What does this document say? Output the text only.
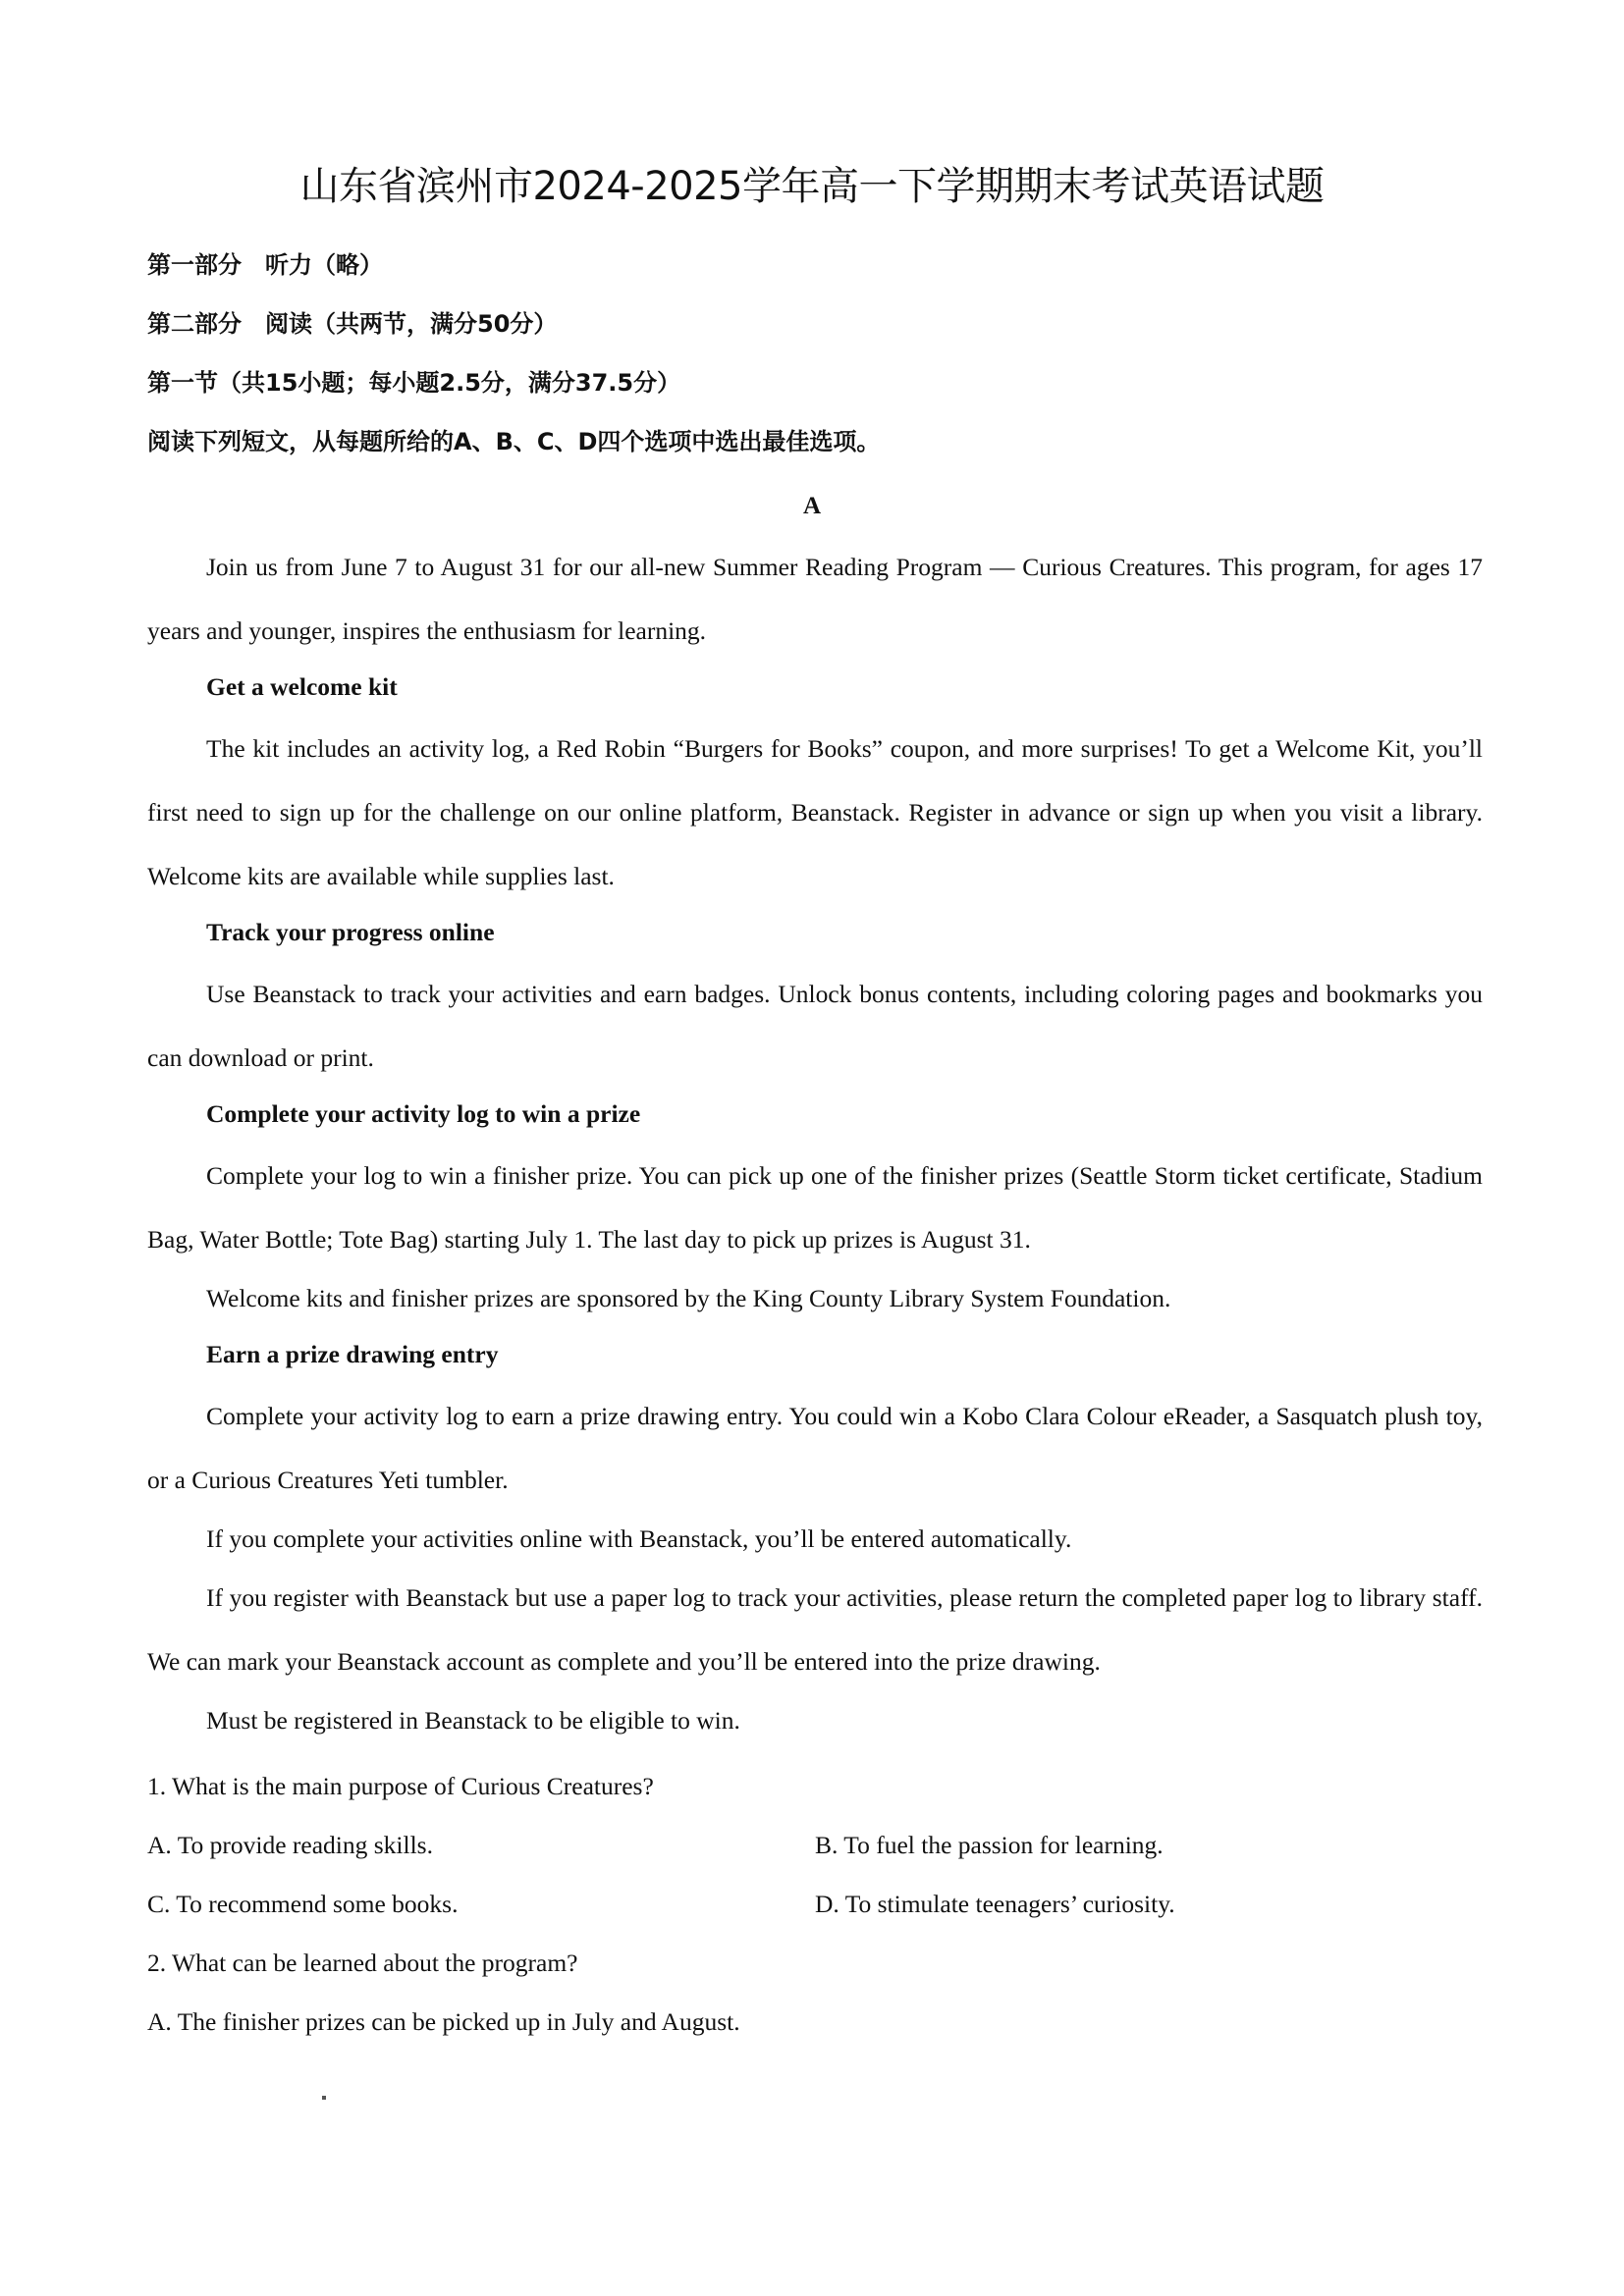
山东省滨州市2024-2025学年高一下学期期末考试英语试题
第一部分　听力（略）
第二部分　阅读（共两节，满分50分）
第一节（共15小题；每小题2.5分，满分37.5分）
阅读下列短文，从每题所给的A、B、C、D四个选项中选出最佳选项。
A

Join us from June 7 to August 31 for our all-new Summer Reading Program — Curious Creatures. This program, for ages 17 years and younger, inspires the enthusiasm for learning.

Get a welcome kit

The kit includes an activity log, a Red Robin “Burgers for Books” coupon, and more surprises! To get a Welcome Kit, you’ll first need to sign up for the challenge on our online platform, Beanstack. Register in advance or sign up when you visit a library. Welcome kits are available while supplies last.

Track your progress online

Use Beanstack to track your activities and earn badges. Unlock bonus contents, including coloring pages and bookmarks you can download or print.

Complete your activity log to win a prize

Complete your log to win a finisher prize. You can pick up one of the finisher prizes (Seattle Storm ticket certificate, Stadium Bag, Water Bottle; Tote Bag) starting July 1. The last day to pick up prizes is August 31.

Welcome kits and finisher prizes are sponsored by the King County Library System Foundation.

Earn a prize drawing entry

Complete your activity log to earn a prize drawing entry. You could win a Kobo Clara Colour eReader, a Sasquatch plush toy, or a Curious Creatures Yeti tumbler.

If you complete your activities online with Beanstack, you’ll be entered automatically.

If you register with Beanstack but use a paper log to track your activities, please return the completed paper log to library staff. We can mark your Beanstack account as complete and you’ll be entered into the prize drawing.

Must be registered in Beanstack to be eligible to win.

1. What is the main purpose of Curious Creatures?
A. To provide reading skills.	B. To fuel the passion for learning.
C. To recommend some books.	D. To stimulate teenagers’ curiosity.
2. What can be learned about the program?
A. The finisher prizes can be picked up in July and August.
